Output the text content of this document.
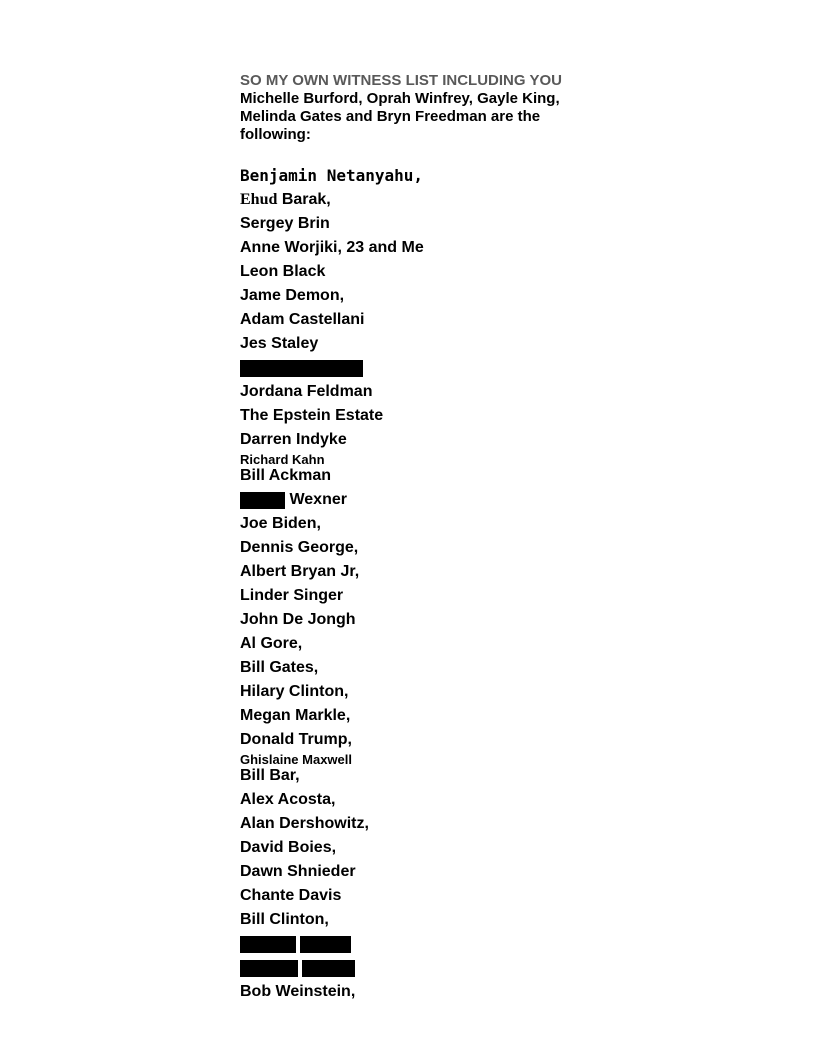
SO MY OWN WITNESS LIST INCLUDING YOU Michelle Burford, Oprah Winfrey, Gayle King, Melinda Gates and Bryn Freedman are the following:
Benjamin Netanyahu,
Ehud
Barak,
Sergey Brin
Anne Worjiki, 23 and Me
Leon Black
Jame Demon,
Adam Castellani
Jes Staley
Jordana Feldman
The Epstein Estate
Darren Indyke
Richard Kahn
Bill Ackman

Wexner
Joe Biden,
Dennis George,
Albert Bryan Jr,
Linder Singer
John De Jongh
Al Gore,
Bill Gates,
Hilary Clinton,
Megan Markle,
Donald Trump,
Ghislaine Maxwell
Bill Bar,
Alex Acosta,
Alan Dershowitz,
David Boies,
Dawn Shnieder
Chante Davis
Bill Clinton,
Bob Weinstein,
